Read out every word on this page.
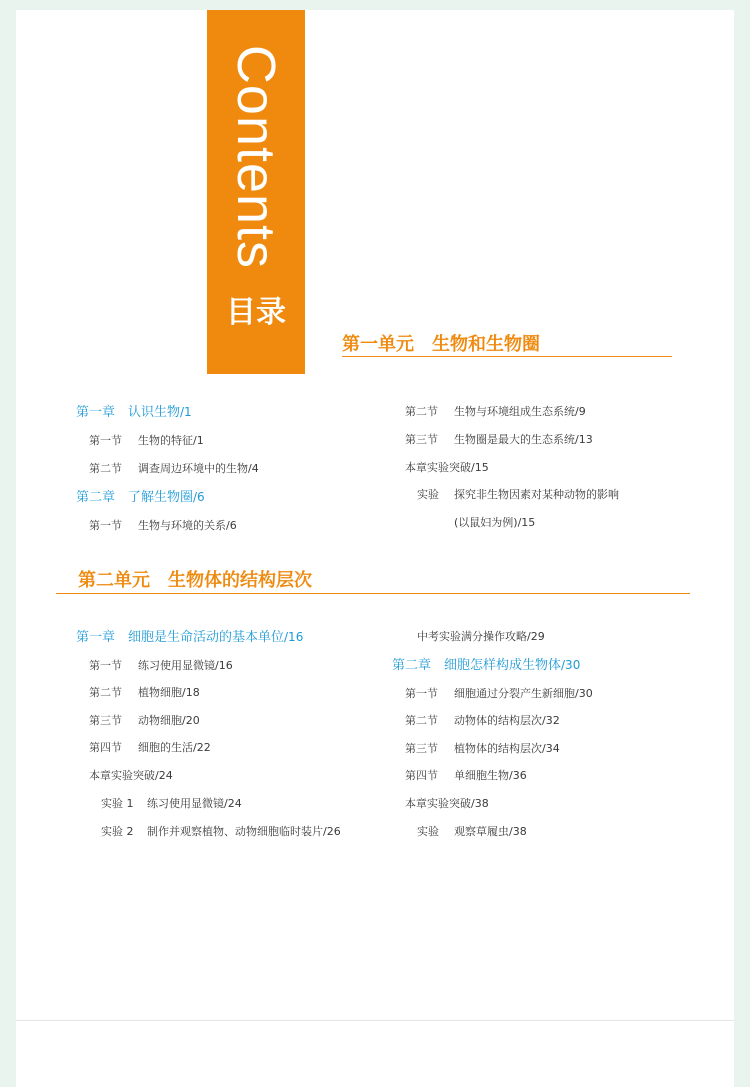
Contents
目录
第一单元　生物和生物圈
第一章　认识生物/1
第一节 生物的特征/1
第二节 调查周边环境中的生物/4
第二章　了解生物圈/6
第一节 生物与环境的关系/6
第二节 生物与环境组成生态系统/9
第三节 生物圈是最大的生态系统/13
本章实验突破/15
实验 探究非生物因素对某种动物的影响
(以鼠妇为例)/15
第二单元　生物体的结构层次
第一章　细胞是生命活动的基本单位/16
第一节 练习使用显微镜/16
第二节 植物细胞/18
第三节 动物细胞/20
第四节 细胞的生活/22
本章实验突破/24
实验 1 练习使用显微镜/24
实验 2 制作并观察植物、动物细胞临时装片/26
中考实验满分操作攻略/29
第二章　细胞怎样构成生物体/30
第一节 细胞通过分裂产生新细胞/30
第二节 动物体的结构层次/32
第三节 植物体的结构层次/34
第四节 单细胞生物/36
本章实验突破/38
实验 观察草履虫/38
